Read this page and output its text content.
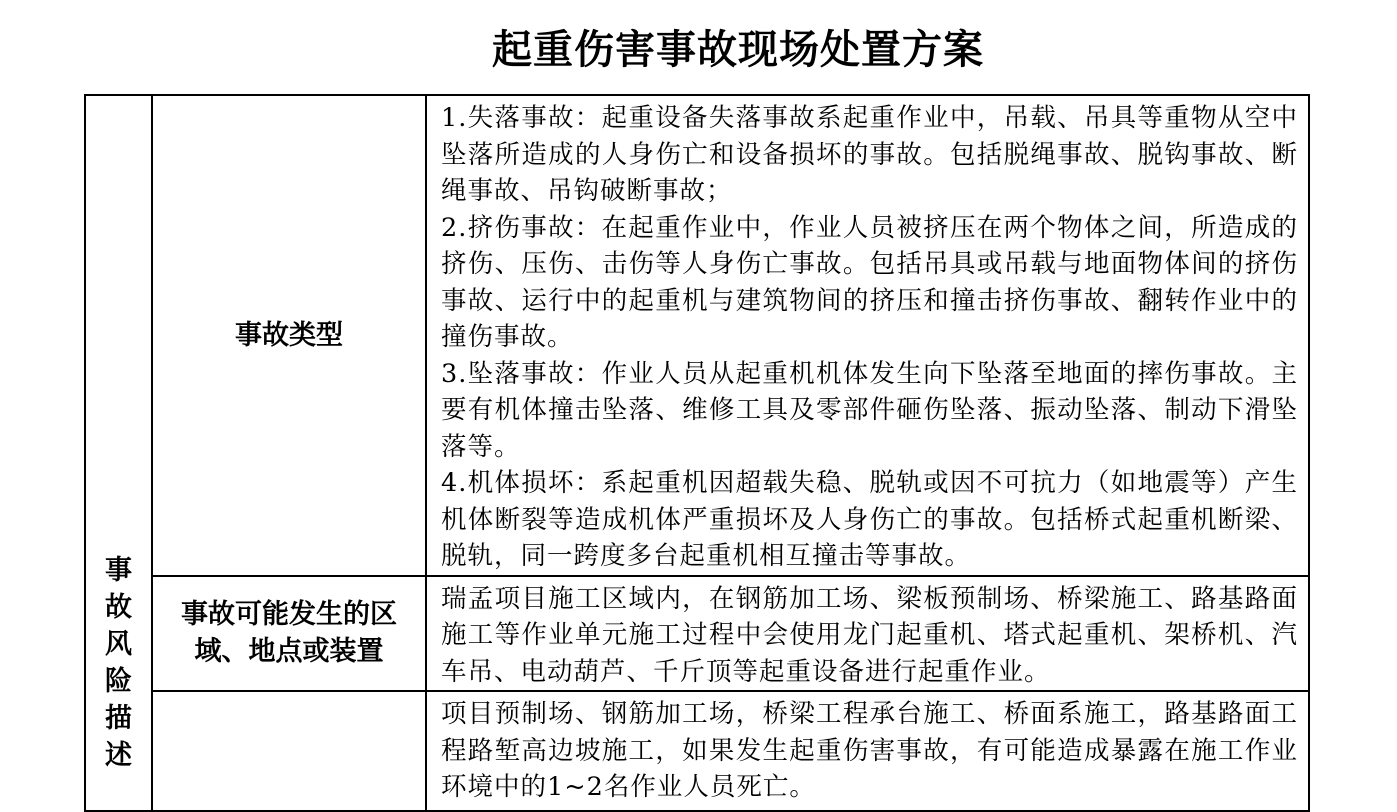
起重伤害事故现场处置方案
事故风险描述	事故类型	1.失落事故：起重设备失落事故系起重作业中，吊载、吊具等重物从空中坠落所造成的人身伤亡和设备损坏的事故。包括脱绳事故、脱钩事故、断绳事故、吊钩破断事故；

2.挤伤事故：在起重作业中，作业人员被挤压在两个物体之间，所造成的挤伤、压伤、击伤等人身伤亡事故。包括吊具或吊载与地面物体间的挤伤事故、运行中的起重机与建筑物间的挤压和撞击挤伤事故、翻转作业中的撞伤事故。

3.坠落事故：作业人员从起重机机体发生向下坠落至地面的摔伤事故。主要有机体撞击坠落、维修工具及零部件砸伤坠落、振动坠落、制动下滑坠落等。

4.机体损坏：系起重机因超载失稳、脱轨或因不可抗力（如地震等）产生机体断裂等造成机体严重损坏及人身伤亡的事故。包括桥式起重机断梁、脱轨，同一跨度多台起重机相互撞击等事故。

	事故可能发生的区域、地点或装置	瑞孟项目施工区域内，在钢筋加工场、梁板预制场、桥梁施工、路基路面施工等作业单元施工过程中会使用龙门起重机、塔式起重机、架桥机、汽车吊、电动葫芦、千斤顶等起重设备进行起重作业。

		项目预制场、钢筋加工场，桥梁工程承台施工、桥面系施工，路基路面工程路堑高边坡施工，如果发生起重伤害事故，有可能造成暴露在施工作业环境中的1~2名作业人员死亡。
